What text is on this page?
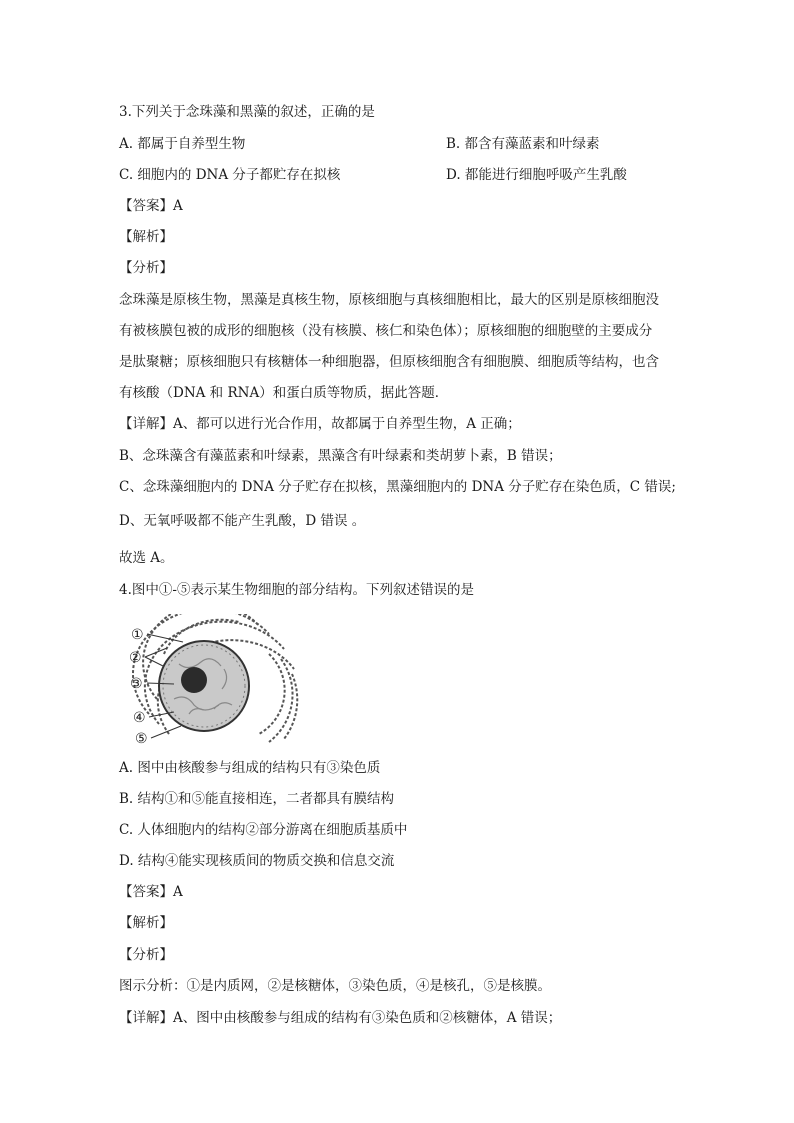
3.下列关于念珠藻和黑藻的叙述，正确的是
A. 都属于自养型生物	B. 都含有藻蓝素和叶绿素
C. 细胞内的 DNA 分子都贮存在拟核	D. 都能进行细胞呼吸产生乳酸
【答案】A
【解析】
【分析】
念珠藻是原核生物，黑藻是真核生物，原核细胞与真核细胞相比，最大的区别是原核细胞没
有被核膜包被的成形的细胞核（没有核膜、核仁和染色体）；原核细胞的细胞壁的主要成分
是肽聚糖；原核细胞只有核糖体一种细胞器，但原核细胞含有细胞膜、细胞质等结构，也含
有核酸（DNA 和 RNA）和蛋白质等物质，据此答题．
【详解】A、都可以进行光合作用，故都属于自养型生物，A 正确；
B、念珠藻含有藻蓝素和叶绿素，黑藻含有叶绿素和类胡萝卜素，B 错误；
C、念珠藻细胞内的 DNA 分子贮存在拟核，黑藻细胞内的 DNA 分子贮存在染色质，C 错误;
D、无氧呼吸都不能产生乳酸，D 错误 。
故选 A。
4.图中①-⑤表示某生物细胞的部分结构。下列叙述错误的是
①
②
③
④
⑤
A. 图中由核酸参与组成的结构只有③染色质
B. 结构①和⑤能直接相连，二者都具有膜结构
C. 人体细胞内的结构②部分游离在细胞质基质中
D. 结构④能实现核质间的物质交换和信息交流
【答案】A
【解析】
【分析】
图示分析：①是内质网，②是核糖体，③染色质，④是核孔，⑤是核膜。
【详解】A、图中由核酸参与组成的结构有③染色质和②核糖体，A 错误；
